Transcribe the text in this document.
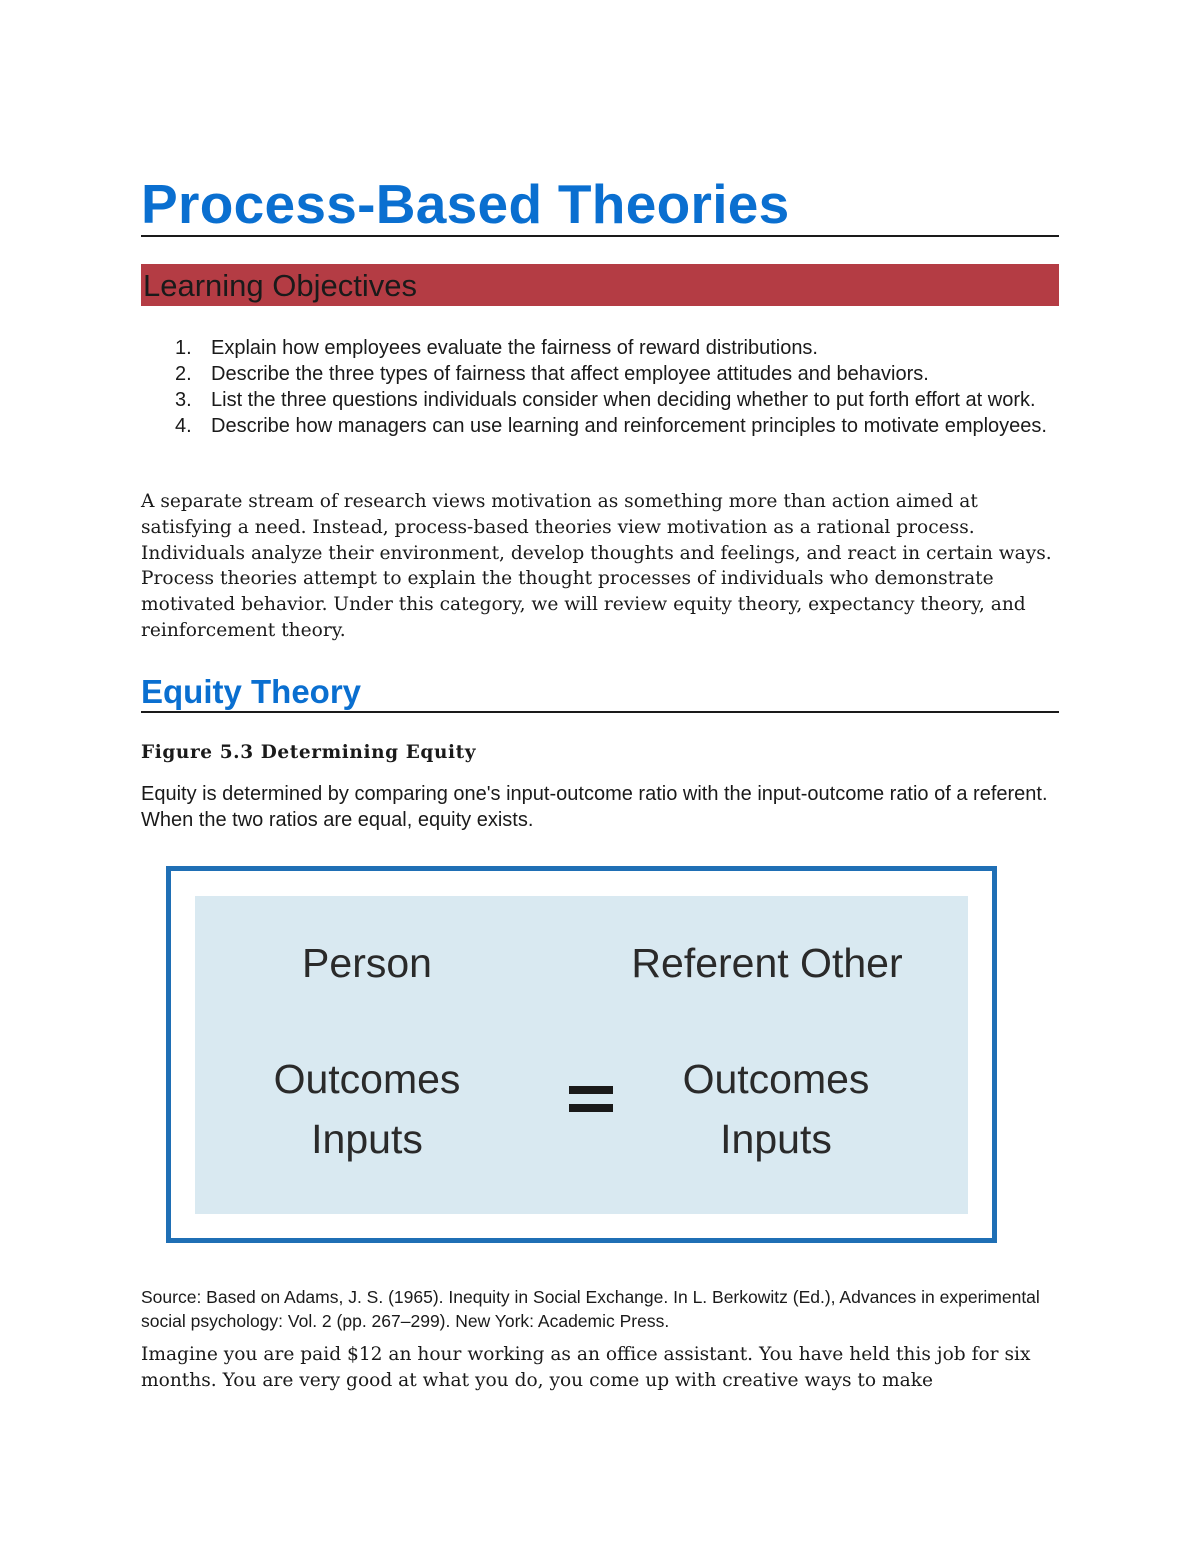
Process-Based Theories
Learning Objectives
1. Explain how employees evaluate the fairness of reward distributions.
2. Describe the three types of fairness that affect employee attitudes and behaviors.
3. List the three questions individuals consider when deciding whether to put forth effort at work.
4. Describe how managers can use learning and reinforcement principles to motivate employees.

A separate stream of research views motivation as something more than action aimed at satisfying a need. Instead, process-based theories view motivation as a rational process. Individuals analyze their environment, develop thoughts and feelings, and react in certain ways. Process theories attempt to explain the thought processes of individuals who demonstrate motivated behavior. Under this category, we will review equity theory, expectancy theory, and reinforcement theory.

Equity Theory
Figure 5.3 Determining Equity

Equity is determined by comparing one's input-outcome ratio with the input-outcome ratio of a referent. When the two ratios are equal, equity exists.

Person	Referent Other
Outcomes
Inputs
Outcomes
Inputs

Source: Based on Adams, J. S. (1965). Inequity in Social Exchange. In L. Berkowitz (Ed.), Advances in experimental social psychology: Vol. 2 (pp. 267–299). New York: Academic Press.

Imagine you are paid $12 an hour working as an office assistant. You have held this job for six months. You are very good at what you do, you come up with creative ways to make
